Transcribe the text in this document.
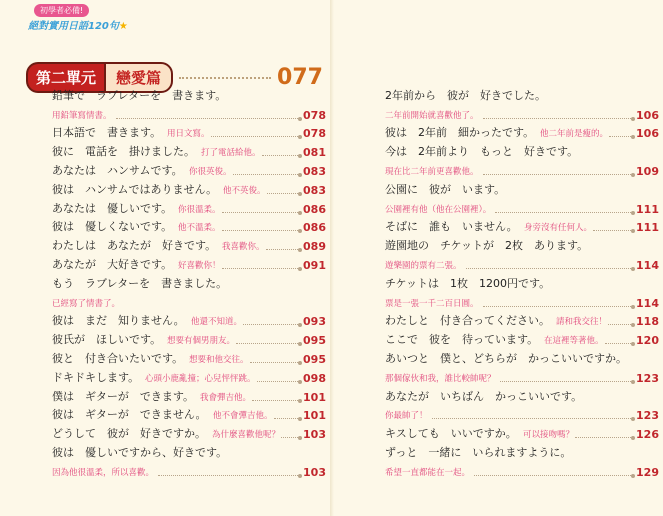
初學者必備!
絕對實用日語120句★
第二單元	戀愛篇	077
鉛筆で　ラブレターを　書きます。
用鉛筆寫情書。	078
日本語で　書きます。 用日文寫。	078
彼に　電話を　掛けました。 打了電話給他。	081
あなたは　ハンサムです。 你很英俊。	083
彼は　ハンサムではありません。 他不英俊。	083
あなたは　優しいです。 你很溫柔。	086
彼は　優しくないです。 他不溫柔。	086
わたしは　あなたが　好きです。 我喜歡你。	089
あなたが　大好きです。 好喜歡你！	091
もう　ラブレターを　書きました。
已經寫了情書了。
彼は　まだ　知りません。 他還不知道。	093
彼氏が　ほしいです。 想要有個男朋友。	095
彼と　付き合いたいです。 想要和他交往。	095
ドキドキします。 心頭小鹿亂撞；心兒怦怦跳。	098
僕は　ギターが　できます。 我會彈吉他。	101
彼は　ギターが　できません。 他不會彈吉他。	101
どうして　彼が　好きですか。 為什麼喜歡他呢？ 103
彼は　優しいですから、好きです。
因為他很溫柔，所以喜歡。	103
2年前から　彼が　好きでした。
二年前開始就喜歡他了。	106
彼は　2年前　細かったです。 他二年前是瘦的。	106
今は　2年前より　もっと　好きです。
現在比二年前更喜歡他。	109
公園に　彼が　います。
公園裡有他（他在公園裡）。	111
そばに　誰も　いません。 身旁沒有任何人。	111
遊園地の　チケットが　2枚　あります。
遊樂園的票有二張。	114
チケットは　1枚　1200円です。
票是一張一千二百日圓。	114
わたしと　付き合ってください。 請和我交往！	118
ここで　彼を　待っています。 在這裡等著他。	120
あいつと　僕と、どちらが　かっこいいですか。
那個傢伙和我，誰比較帥呢？	123
あなたが　いちばん　かっこいいです。
你最帥了！	123
キスしても　いいですか。 可以接吻嗎？	126
ずっと　一緒に　いられますように。
希望一直都能在一起。	129
